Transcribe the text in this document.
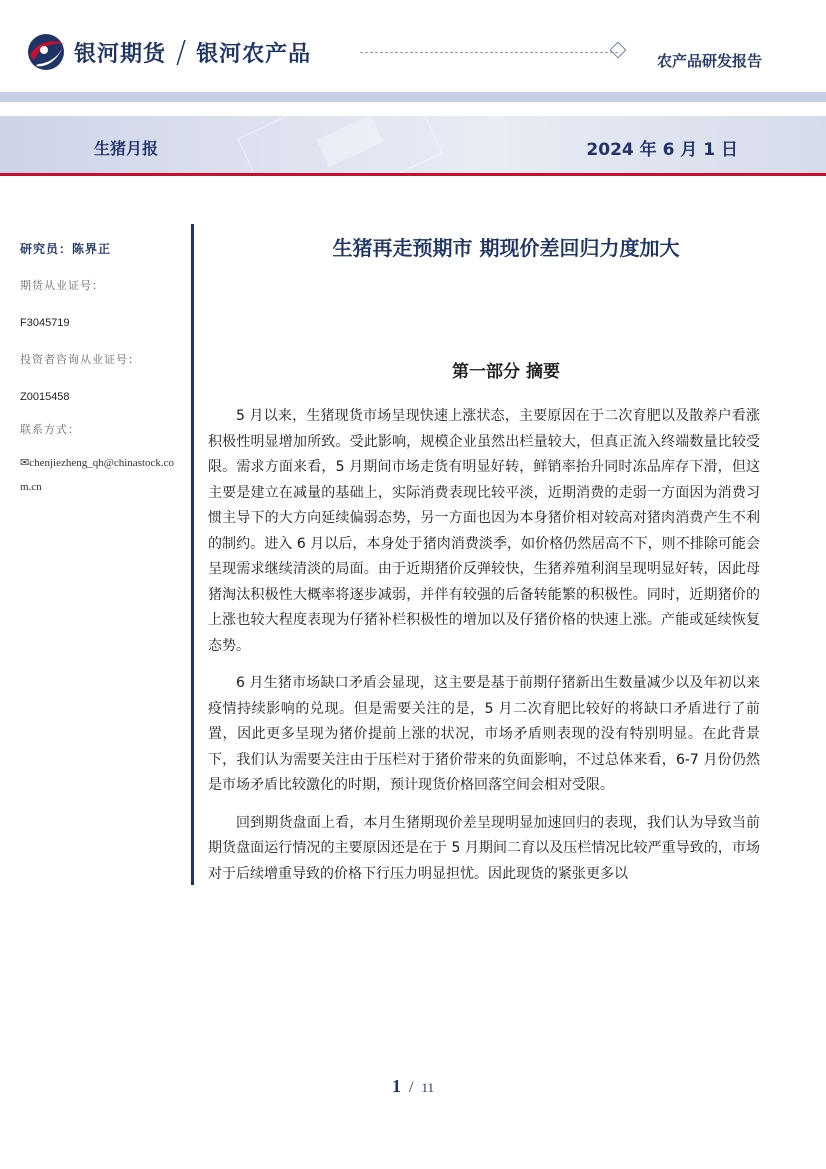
银河期货 / 银河农产品	农产品研发报告
生猪月报	2024 年 6 月 1 日
研究员：陈界正
期货从业证号：
F3045719
投资者咨询从业证号：
Z0015458
联系方式：
✉chenjiezheng_qh@chinastock.com.cn
生猪再走预期市 期现价差回归力度加大
第一部分 摘要

5 月以来，生猪现货市场呈现快速上涨状态，主要原因在于二次育肥以及散养户看涨积极性明显增加所致。受此影响，规模企业虽然出栏量较大，但真正流入终端数量比较受限。需求方面来看，5 月期间市场走货有明显好转，鲜销率抬升同时冻品库存下滑，但这主要是建立在减量的基础上，实际消费表现比较平淡，近期消费的走弱一方面因为消费习惯主导下的大方向延续偏弱态势，另一方面也因为本身猪价相对较高对猪肉消费产生不利的制约。进入 6 月以后，本身处于猪肉消费淡季，如价格仍然居高不下，则不排除可能会呈现需求继续清淡的局面。由于近期猪价反弹较快，生猪养殖利润呈现明显好转，因此母猪淘汰积极性大概率将逐步减弱，并伴有较强的后备转能繁的积极性。同时，近期猪价的上涨也较大程度表现为仔猪补栏积极性的增加以及仔猪价格的快速上涨。产能或延续恢复态势。

6 月生猪市场缺口矛盾会显现，这主要是基于前期仔猪新出生数量减少以及年初以来疫情持续影响的兑现。但是需要关注的是，5 月二次育肥比较好的将缺口矛盾进行了前置，因此更多呈现为猪价提前上涨的状况，市场矛盾则表现的没有特别明显。在此背景下，我们认为需要关注由于压栏对于猪价带来的负面影响，不过总体来看，6-7 月份仍然是市场矛盾比较激化的时期，预计现货价格回落空间会相对受限。

回到期货盘面上看，本月生猪期现价差呈现明显加速回归的表现，我们认为导致当前期货盘面运行情况的主要原因还是在于 5 月期间二育以及压栏情况比较严重导致的，市场对于后续增重导致的价格下行压力明显担忧。因此现货的紧张更多以

1 / 11
